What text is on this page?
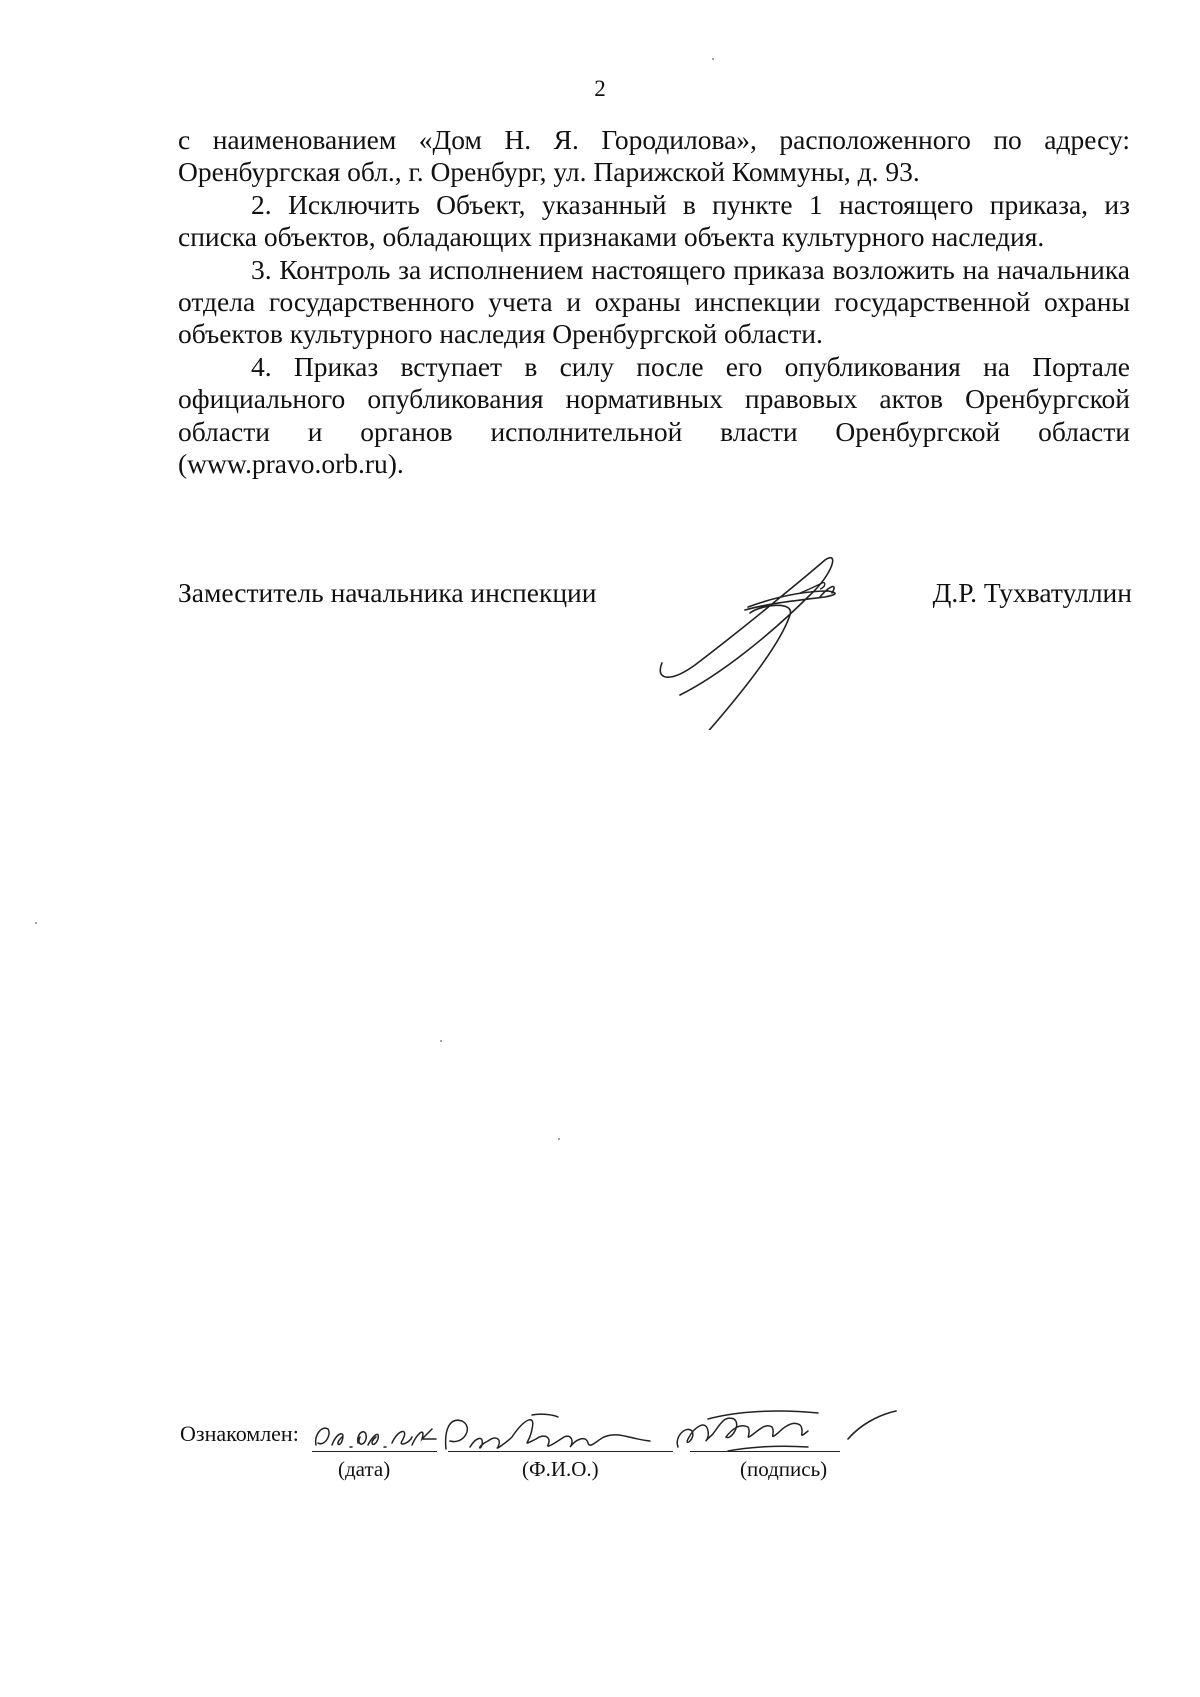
2

с наименованием «Дом Н. Я. Городилова», расположенного по адресу: Оренбургская обл., г. Оренбург, ул. Парижской Коммуны, д. 93.

2. Исключить Объект, указанный в пункте 1 настоящего приказа, из списка объектов, обладающих признаками объекта культурного наследия.

3. Контроль за исполнением настоящего приказа возложить на начальника отдела государственного учета и охраны инспекции государственной охраны объектов культурного наследия Оренбургской области.

4. Приказ вступает в силу после его опубликования на Портале официального опубликования нормативных правовых актов Оренбургской области и органов исполнительной власти Оренбургской области (www.pravo.orb.ru).

Заместитель начальника инспекции	Д.Р. Тухватуллин
Ознакомлен:
(дата)	(Ф.И.О.)	(подпись)
